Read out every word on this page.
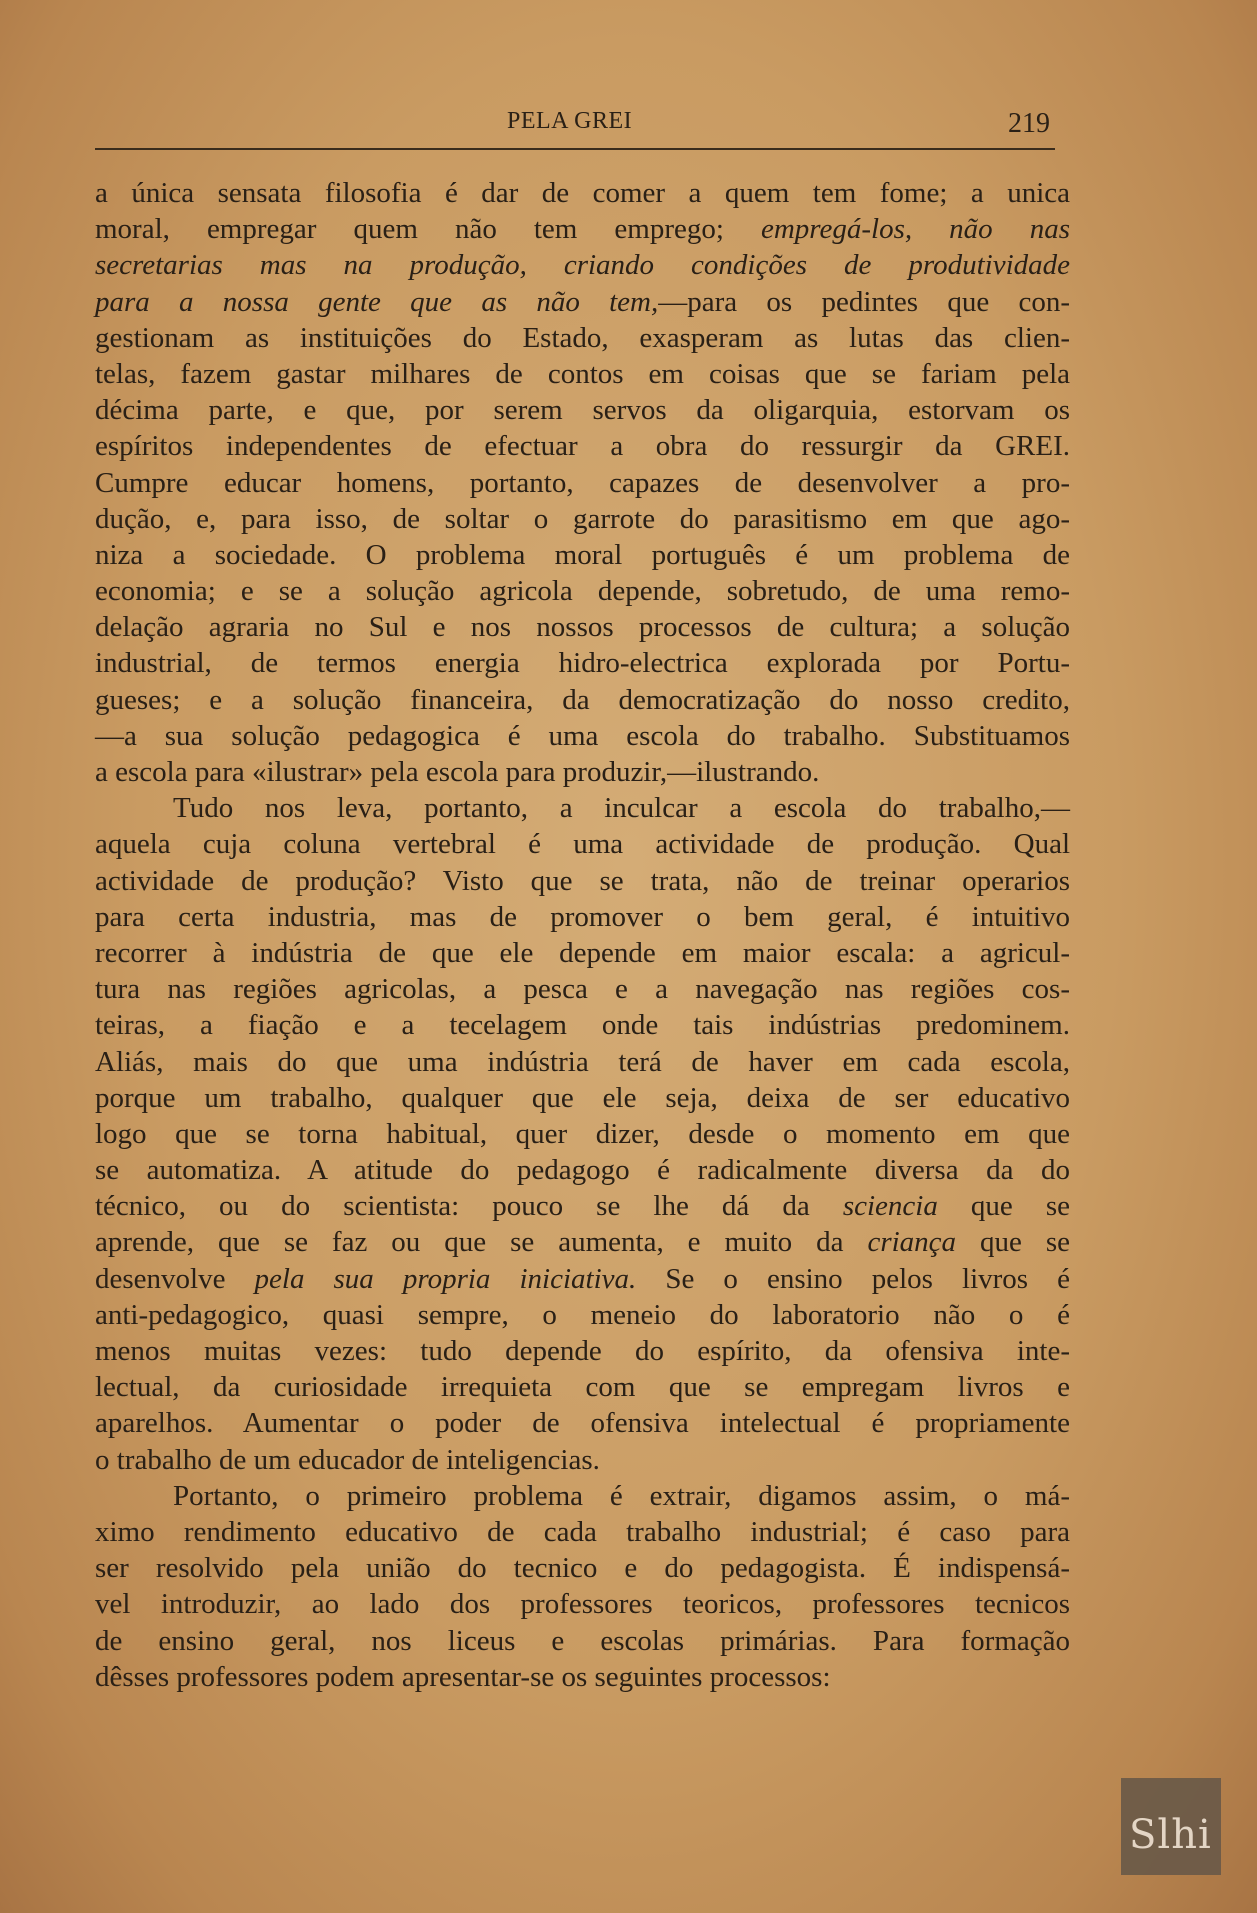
PELA GREI	219
a única sensata filosofia é dar de comer a quem tem fome; a unica
moral, empregar quem não tem emprego; empregá-los, não nas
secretarias mas na produção, criando condições de produtividade
para a nossa gente que as não tem,—para os pedintes que con-
gestionam as instituições do Estado, exasperam as lutas das clien-
telas, fazem gastar milhares de contos em coisas que se fariam pela
décima parte, e que, por serem servos da oligarquia, estorvam os
espíritos independentes de efectuar a obra do ressurgir da GREI.
Cumpre educar homens, portanto, capazes de desenvolver a pro-
dução, e, para isso, de soltar o garrote do parasitismo em que ago-
niza a sociedade. O problema moral português é um problema de
economia; e se a solução agricola depende, sobretudo, de uma remo-
delação agraria no Sul e nos nossos processos de cultura; a solução
industrial, de termos energia hidro-electrica explorada por Portu-
gueses; e a solução financeira, da democratização do nosso credito,
—a sua solução pedagogica é uma escola do trabalho. Substituamos
a escola para «ilustrar» pela escola para produzir,—ilustrando.
Tudo nos leva, portanto, a inculcar a escola do trabalho,—
aquela cuja coluna vertebral é uma actividade de produção. Qual
actividade de produção? Visto que se trata, não de treinar operarios
para certa industria, mas de promover o bem geral, é intuitivo
recorrer à indústria de que ele depende em maior escala: a agricul-
tura nas regiões agricolas, a pesca e a navegação nas regiões cos-
teiras, a fiação e a tecelagem onde tais indústrias predominem.
Aliás, mais do que uma indústria terá de haver em cada escola,
porque um trabalho, qualquer que ele seja, deixa de ser educativo
logo que se torna habitual, quer dizer, desde o momento em que
se automatiza. A atitude do pedagogo é radicalmente diversa da do
técnico, ou do scientista: pouco se lhe dá da sciencia que se
aprende, que se faz ou que se aumenta, e muito da criança que se
desenvolve pela sua propria iniciativa. Se o ensino pelos livros é
anti-pedagogico, quasi sempre, o meneio do laboratorio não o é
menos muitas vezes: tudo depende do espírito, da ofensiva inte-
lectual, da curiosidade irrequieta com que se empregam livros e
aparelhos. Aumentar o poder de ofensiva intelectual é propriamente
o trabalho de um educador de inteligencias.
Portanto, o primeiro problema é extrair, digamos assim, o má-
ximo rendimento educativo de cada trabalho industrial; é caso para
ser resolvido pela união do tecnico e do pedagogista. É indispensá-
vel introduzir, ao lado dos professores teoricos, professores tecnicos
de ensino geral, nos liceus e escolas primárias. Para formação
dêsses professores podem apresentar-se os seguintes processos:
Slhi
